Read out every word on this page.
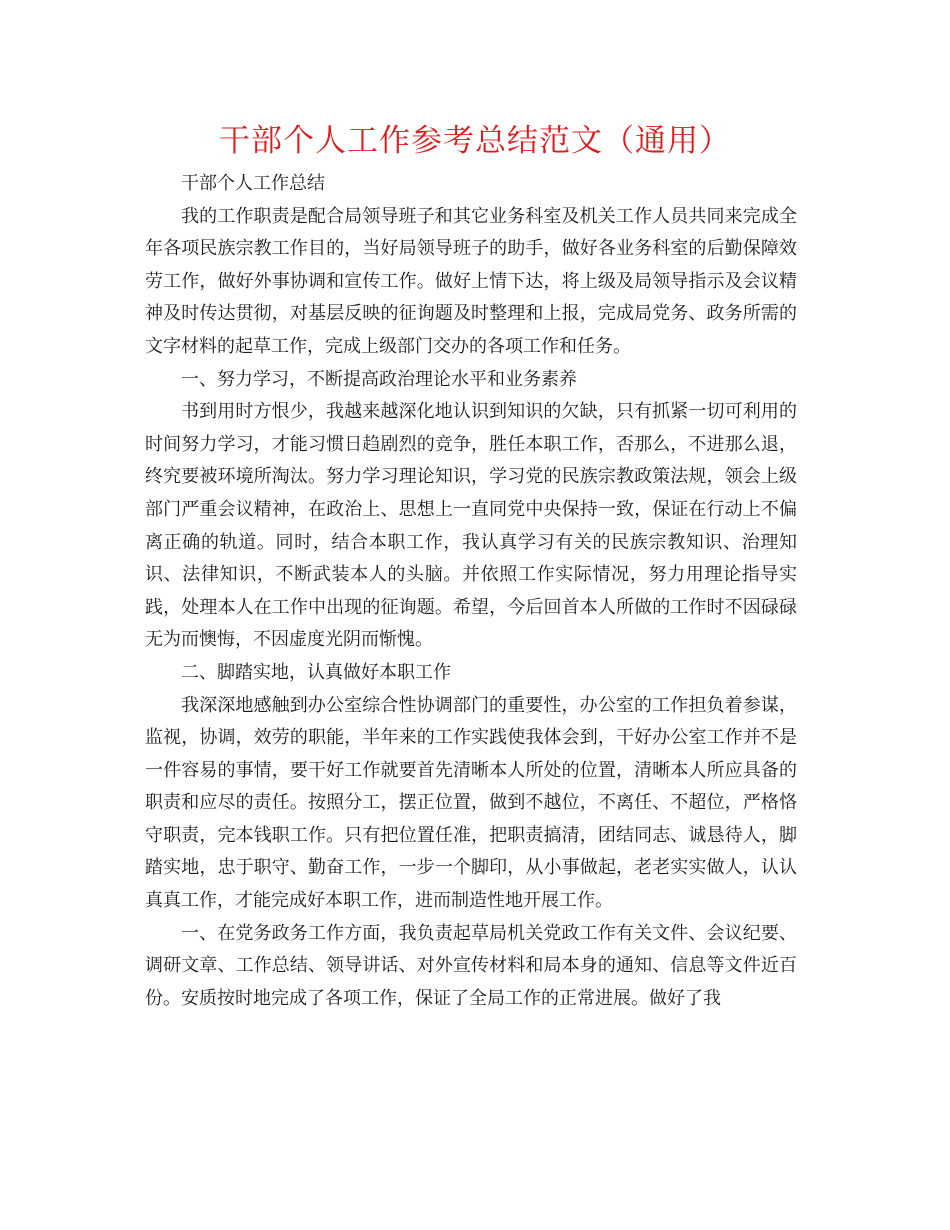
干部个人工作参考总结范文（通用）

干部个人工作总结

我的工作职责是配合局领导班子和其它业务科室及机关工作人员共同来完成全年各项民族宗教工作目的，当好局领导班子的助手，做好各业务科室的后勤保障效劳工作，做好外事协调和宣传工作。做好上情下达，将上级及局领导指示及会议精神及时传达贯彻，对基层反映的征询题及时整理和上报，完成局党务、政务所需的文字材料的起草工作，完成上级部门交办的各项工作和任务。

一、努力学习，不断提高政治理论水平和业务素养

书到用时方恨少，我越来越深化地认识到知识的欠缺，只有抓紧一切可利用的时间努力学习，才能习惯日趋剧烈的竞争，胜任本职工作，否那么，不进那么退，终究要被环境所淘汰。努力学习理论知识，学习党的民族宗教政策法规，领会上级部门严重会议精神，在政治上、思想上一直同党中央保持一致，保证在行动上不偏离正确的轨道。同时，结合本职工作，我认真学习有关的民族宗教知识、治理知识、法律知识，不断武装本人的头脑。并依照工作实际情况，努力用理论指导实践，处理本人在工作中出现的征询题。希望，今后回首本人所做的工作时不因碌碌无为而懊悔，不因虚度光阴而惭愧。

二、脚踏实地，认真做好本职工作

我深深地感触到办公室综合性协调部门的重要性，办公室的工作担负着参谋，监视，协调，效劳的职能，半年来的工作实践使我体会到，干好办公室工作并不是一件容易的事情，要干好工作就要首先清晰本人所处的位置，清晰本人所应具备的职责和应尽的责任。按照分工，摆正位置，做到不越位，不离任、不超位，严格恪守职责，完本钱职工作。只有把位置任准，把职责搞清，团结同志、诚恳待人，脚踏实地，忠于职守、勤奋工作，一步一个脚印，从小事做起，老老实实做人，认认真真工作，才能完成好本职工作，进而制造性地开展工作。

一、在党务政务工作方面，我负责起草局机关党政工作有关文件、会议纪要、调研文章、工作总结、领导讲话、对外宣传材料和局本身的通知、信息等文件近百份。安质按时地完成了各项工作，保证了全局工作的正常进展。做好了我
